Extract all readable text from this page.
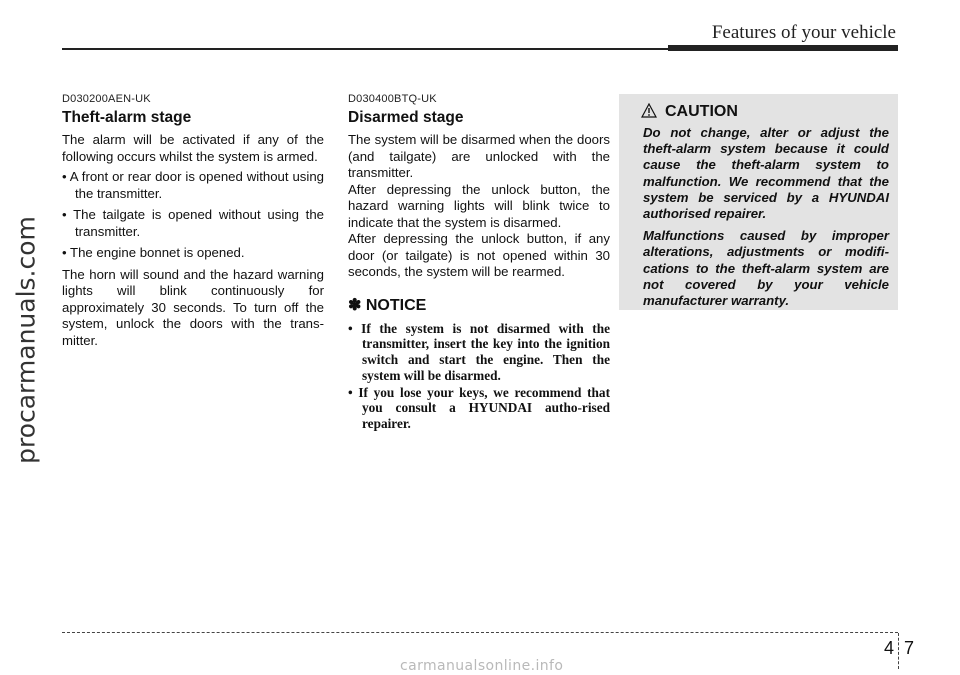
Features of your vehicle
procarmanuals.com
D030200AEN-UK
Theft-alarm stage
The alarm will be activated if any of the following occurs whilst the system is armed.
• A front or rear door is opened without using the transmitter.
• The tailgate is opened without using the transmitter.
• The engine bonnet is opened.
The horn will sound and the hazard warning lights will blink continuously for approximately 30 seconds. To turn off the system, unlock the doors with the trans-mitter.
D030400BTQ-UK
Disarmed stage
The system will be disarmed when the doors (and tailgate) are unlocked with the transmitter.
After depressing the unlock button, the hazard warning lights will blink twice to indicate that the system is disarmed.
After depressing the unlock button, if any door (or tailgate) is not opened within 30 seconds, the system will be rearmed.
✽ NOTICE
• If the system is not disarmed with the transmitter, insert the key into the ignition switch and start the engine. Then the system will be disarmed.
• If you lose your keys, we recommend that you consult a HYUNDAI autho-rised repairer.
CAUTION

Do not change, alter or adjust the theft-alarm system because it could cause the theft-alarm system to malfunction. We recommend that the system be serviced by a HYUNDAI authorised repairer.

Malfunctions caused by improper alterations, adjustments or modifi-cations to the theft-alarm system are not covered by your vehicle manufacturer warranty.

4 7
carmanualsonline.info
